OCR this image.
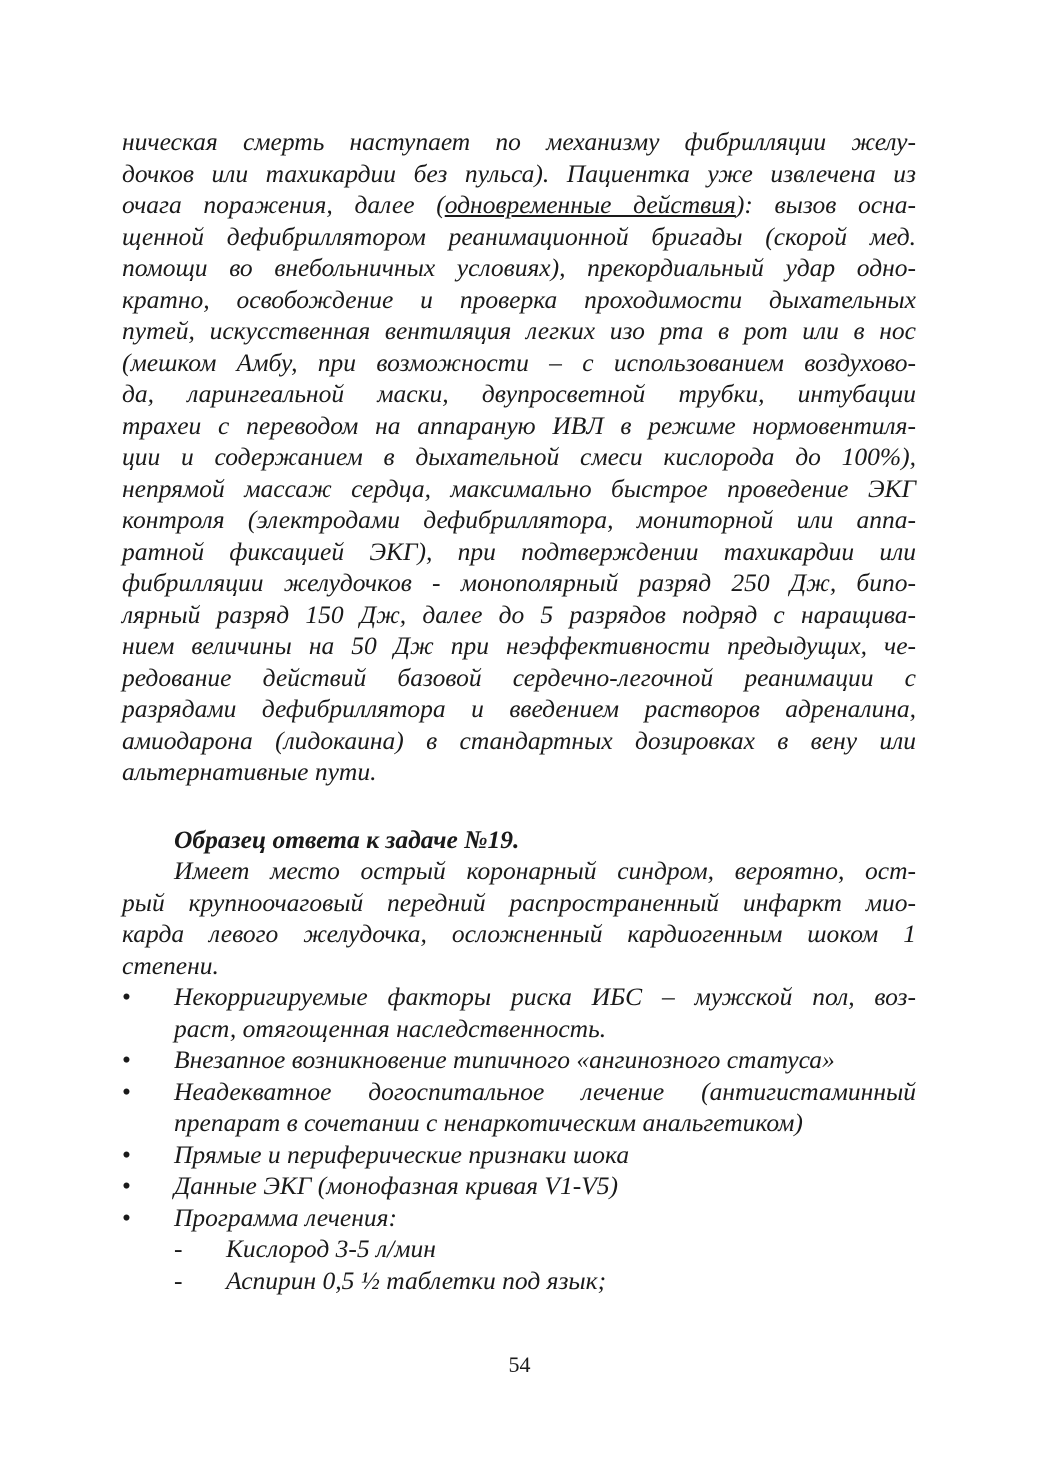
ническая смерть наступает по механизму фибрилляции желу-
дочков или тахикардии без пульса). Пациентка уже извлечена из
очага поражения, далее (одновременные действия): вызов осна-
щенной дефибриллятором реанимационной бригады (скорой мед.
помощи во внебольничных условиях), прекордиальный удар одно-
кратно, освобождение и проверка проходимости дыхательных
путей, искусственная вентиляция легких изо рта в рот или в нос
(мешком Амбу, при возможности – с использованием воздухово-
да, ларингеальной маски, двупросветной трубки, интубации
трахеи с переводом на аппараную ИВЛ в режиме нормовентиля-
ции и содержанием в дыхательной смеси кислорода до 100%),
непрямой массаж сердца, максимально быстрое проведение ЭКГ
контроля (электродами дефибриллятора, мониторной или аппа-
ратной фиксацией ЭКГ), при подтверждении тахикардии или
фибрилляции желудочков - монополярный разряд 250 Дж, бипо-
лярный разряд 150 Дж, далее до 5 разрядов подряд с наращива-
нием величины на 50 Дж при неэффективности предыдущих, че-
редование действий базовой сердечно-легочной реанимации с
разрядами дефибриллятора и введением растворов адреналина,
амиодарона (лидокаина) в стандартных дозировках в вену или
альтернативные пути.
Образец ответа к задаче №19.
Имеет место острый коронарный синдром, вероятно, ост-
рый крупноочаговый передний распространенный инфаркт мио-
карда левого желудочка, осложненный кардиогенным шоком 1
степени.
• Некорригируемые факторы риска ИБС – мужской пол, воз-
раст, отягощенная наследственность.
• Внезапное возникновение типичного «ангинозного статуса»
• Неадекватное догоспитальное лечение (антигистаминный
препарат в сочетании с ненаркотическим анальгетиком)
• Прямые и периферические признаки шока
• Данные ЭКГ (монофазная кривая V1-V5)
• Программа лечения:
- Кислород 3-5 л/мин
- Аспирин 0,5 ½ таблетки под язык;
54
